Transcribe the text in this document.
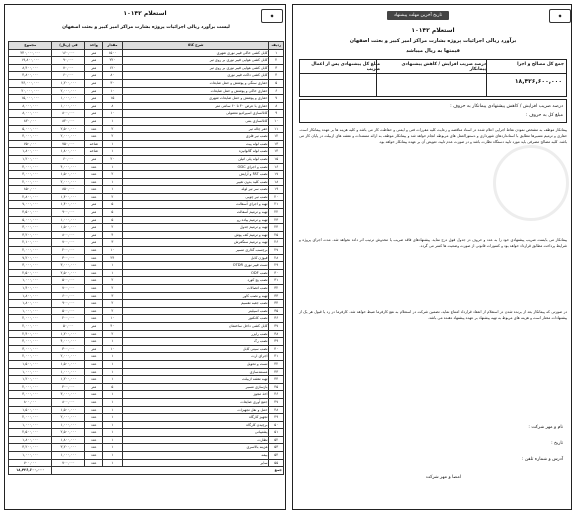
◆
استعلام ۱۰۱۴۲
لیست برآورد ریالی اجرائیات پروژه بشارت مراکز امیر کبیر و بعثت اصفهان
مجموع	فی (ریال)	واحد	مقدار	شرح کالا	ردیف
۲۴۰,۰۰۰,۰۰۰	۱۶۰,۰۰۰	متر	۱۵۰۰	کابل کشی خاکی فیبر نوری شهری	۱
۱۹,۸۰۰,۰۰۰	۹۰,۰۰۰	متر	۲۲۰	کابل کشی هوایی فیبر نوری بر روی تیر	۲
۸,۴۰۰,۰۰۰	۷۰,۰۰۰	متر	۱۲۰	کابل کشی هوایی فیبر نوری بر روی تیر	۳
۴,۸۰۰,۰۰۰	۶۰,۰۰۰	متر	۸۰	کابل کشی داکت فیبر نوری	۴
۳۶,۰۰۰,۰۰۰	۱,۲۰۰,۰۰۰	متر	۳۰	حفاری سنگی و پوشش و حمل ضایعات	۵
۲۰,۰۰۰,۰۰۰	۲,۰۰۰,۰۰۰	متر	۱۰	حفاری خاکی و پوشش و حمل ضایعات	۶
۱۵,۰۰۰,۰۰۰	۱,۰۰۰,۰۰۰	متر	۱۵	حفاری و پوشش و حمل ضایعات شهری	۷
۸,۰۰۰,۰۰۰	۱,۰۰۰,۰۰۰	متر	۸	حفاری با عرض ۴۰ تا ۶۰ سانتی متر	۸
۸,۰۰۰,۰۰۰	۸۰۰,۰۰۰	متر	۱۰	کانالسازی اسپرادیو معمولی	۹
۸۲۰,۰۰۰	۸۲۰,۰۰۰	متر	۱	کانالسازی بتنی	۱۰
۵,۰۰۰,۰۰۰	۲,۵۰۰,۰۰۰	عدد	۲	حفر چاله تیر	۱۱
۴,۰۰۰,۰۰۰	۲,۰۰۰,۰۰۰	عدد	۲	نصب تیر فلزی	۱۲
۷۵۰,۰۰۰	۷۵۰,۰۰۰	شاخه	۱	نصب لوله پیت	۱۳
۱,۸۰۰,۰۰۰	۱,۸۰۰,۰۰۰	شاخه	۱	نصب لوله گالوانیزه	۱۴
۱,۲۰۰,۰۰۰	۶۰,۰۰۰	متر	۲۰	نصب لوله پلی اتیلن	۱۵
۴,۰۰۰,۰۰۰	۴,۰۰۰,۰۰۰	عدد	۱	نصب و اجرای ODC	۱۶
۳,۰۰۰,۰۰۰	۱,۵۰۰,۰۰۰	عدد	۲	نصب FAT و آرایش	۱۷
۲,۰۰۰,۰۰۰	۲,۰۰۰,۰۰۰	عدد	۱	نصب کلید بدون تغییر	۱۸
۸۵۰,۰۰۰	۸۵۰,۰۰۰	عدد	۱	نصب سر تیر لوله	۱۹
۲,۸۰۰,۰۰۰	۱,۴۰۰,۰۰۰	عدد	۲	نصب تیر چوبی	۲۰
۷,۰۰۰,۰۰۰	۱,۴۰۰,۰۰۰	متر	۵	تهیه و اجرای آسفالت	۲۱
۴,۵۰۰,۰۰۰	۹۰۰,۰۰۰	متر	۵	تهیه و ترمیم آسفالت	۲۲
۵,۰۰۰,۰۰۰	۱,۰۰۰,۰۰۰	متر	۵	تهیه و ترمیم پیاده رو	۲۳
۳,۰۰۰,۰۰۰	۱,۵۰۰,۰۰۰	متر	۲	تهیه و ترمیم جدول	۲۴
۳,۲۰۰,۰۰۰	۸۰۰,۰۰۰	متر	۴	تهیه و ترمیم کف پوش	۲۵
۲,۱۰۰,۰۰۰	۷۰۰,۰۰۰	متر	۳	تهیه و ترمیم سنگفرش	۲۶
۲,۰۰۰,۰۰۰	۲۰۰,۰۰۰	عدد	۱۰	برچسب گذاری مسیر	۲۷
۷,۲۰۰,۰۰۰	۳۰۰,۰۰۰	عدد	۲۴	فیوژن کابل	۲۸
۳,۰۰۰,۰۰۰	۳,۰۰۰,۰۰۰	عدد	۱	تست فیبر نوری OTDR	۲۹
۲,۵۰۰,۰۰۰	۲,۵۰۰,۰۰۰	عدد	۱	نصب ODF	۳۰
۱,۰۰۰,۰۰۰	۵۰۰,۰۰۰	عدد	۲	نصب پچ کورد	۳۱
۱,۴۰۰,۰۰۰	۷۰۰,۰۰۰	عدد	۲	نصب اتصالات	۳۲
۱,۸۰۰,۰۰۰	۶۰۰,۰۰۰	عدد	۳	تهیه و نصب کاور	۳۳
۱,۸۰۰,۰۰۰	۹۰۰,۰۰۰	عدد	۲	نصب جعبه تقسیم	۳۴
۱,۰۰۰,۰۰۰	۵۰۰,۰۰۰	عدد	۲	نصب اسپلیتر	۳۵
۲,۰۰۰,۰۰۰	۲۰۰,۰۰۰	عدد	۱۰	نصب کانکتور	۳۶
۲,۰۰۰,۰۰۰	۵۰,۰۰۰	متر	۴۰	کابل کشی داخل ساختمان	۳۷
۲,۴۰۰,۰۰۰	۱,۲۰۰,۰۰۰	عدد	۲	نصب رایزر	۳۸
۴,۰۰۰,۰۰۰	۴,۰۰۰,۰۰۰	عدد	۱	نصب رک	۳۹
۳,۰۰۰,۰۰۰	۳۰۰,۰۰۰	متر	۱۰	نصب سینی کابل	۴۰
۲,۰۰۰,۰۰۰	۲,۰۰۰,۰۰۰	عدد	۱	اجرای ارت	۴۱
۱,۵۰۰,۰۰۰	۱,۵۰۰,۰۰۰	عدد	۱	تست و تحویل	۴۲
۱,۰۰۰,۰۰۰	۱,۰۰۰,۰۰۰	عدد	۱	مستندسازی	۴۳
۱,۲۰۰,۰۰۰	۱,۲۰۰,۰۰۰	عدد	۱	تهیه نقشه ازبیلت	۴۴
۲,۰۰۰,۰۰۰	۴۰۰,۰۰۰	متر	۵	بازسازی مسیر	۴۵
۳,۰۰۰,۰۰۰	۳,۰۰۰,۰۰۰	عدد	۱	اخذ مجوز	۴۶
۸۰۰,۰۰۰	۸۰۰,۰۰۰	عدد	۱	جمع آوری ضایعات	۴۷
۱,۵۰۰,۰۰۰	۱,۵۰۰,۰۰۰	عدد	۱	حمل و نقل تجهیزات	۴۸
۲,۰۰۰,۰۰۰	۲,۰۰۰,۰۰۰	عدد	۱	تجهیز کارگاه	۴۹
۱,۰۰۰,۰۰۰	۱,۰۰۰,۰۰۰	عدد	۱	برچیدن کارگاه	۵۰
۲,۵۰۰,۰۰۰	۲,۵۰۰,۰۰۰	عدد	۱	پشتیبانی	۵۱
۱,۸۰۰,۰۰۰	۱,۸۰۰,۰۰۰	عدد	۱	نظارت	۵۲
۳,۲۰۰,۰۰۰	۳,۲۰۰,۰۰۰	عدد	۱	هزینه بالاسری	۵۳
۱,۰۰۰,۰۰۰	۱,۰۰۰,۰۰۰	عدد	۱	بیمه	۵۴
۷۰۰,۰۰۰	۷۰۰,۰۰۰	عدد	۱	سایر	۵۵
۱۸,۴۲۶,۶۰۰,۰۰۰	جمع				
◆
تاریخ آخرین مهلت پیشنهاد
استعلام ۱۰۱۴۲
برآورد ریالی اجرائیات پروژه بشارت مراکز امیر کبیر و بعثت اصفهان
قیمتها به ریال میباشد
جمع کل مصالح و اجرا
درصد ضریب افزایش / کاهش پیشنهادی پیمانکار
مبلغ کل پیشنهادی پس از اعمال ضریب
۱۸,۴۲۶,۶۰۰,۰۰۰
درصد ضریب افزایش / کاهش پیشنهادی پیمانکار به حروف :
مبلغ کل به حروف :
پیمانکار موظف به مشخص نمودن نقاط اجرایی اعلام شده در اسناد مناقصه و رعایت کلیه مقررات فنی و ایمنی و حفاظت کار می باشد و کلیه هزینه ها بر عهده پیمانکار است. حفاری و ترمیم مسیرها مطابق با استانداردهای شهرداری و دستورالعمل های مربوطه انجام خواهد شد و پیمانکار موظف به ارائه مستندات و نقشه های ازبیلت در پایان کار می باشد. کلیه مصالح مصرفی باید مورد تایید دستگاه نظارت باشد و در صورت عدم تایید، تعویض آن بر عهده پیمانکار خواهد بود.
پیمانکار می بایست ضریب پیشنهادی خود را به عدد و حروف در جدول فوق درج نماید. پیشنهادهای فاقد ضریب یا مخدوش ترتیب اثر داده نخواهد شد. مدت اجرای پروژه و شرایط پرداخت مطابق قرارداد خواهد بود و کسورات قانونی از صورت وضعیت ها کسر می گردد.
در صورتی که پیمانکار بعد از برنده شدن در استعلام از انعقاد قرارداد امتناع نماید، تضمین شرکت در استعلام به نفع کارفرما ضبط خواهد شد. کارفرما در رد یا قبول هر یک از پیشنهادات مختار است و هزینه های مربوط به تهیه پیشنهاد بر عهده پیشنهاد دهنده می باشد.
نام و مهر شرکت :
تاریخ :
آدرس و شماره تلفن :
امضا و مهر شرکت
